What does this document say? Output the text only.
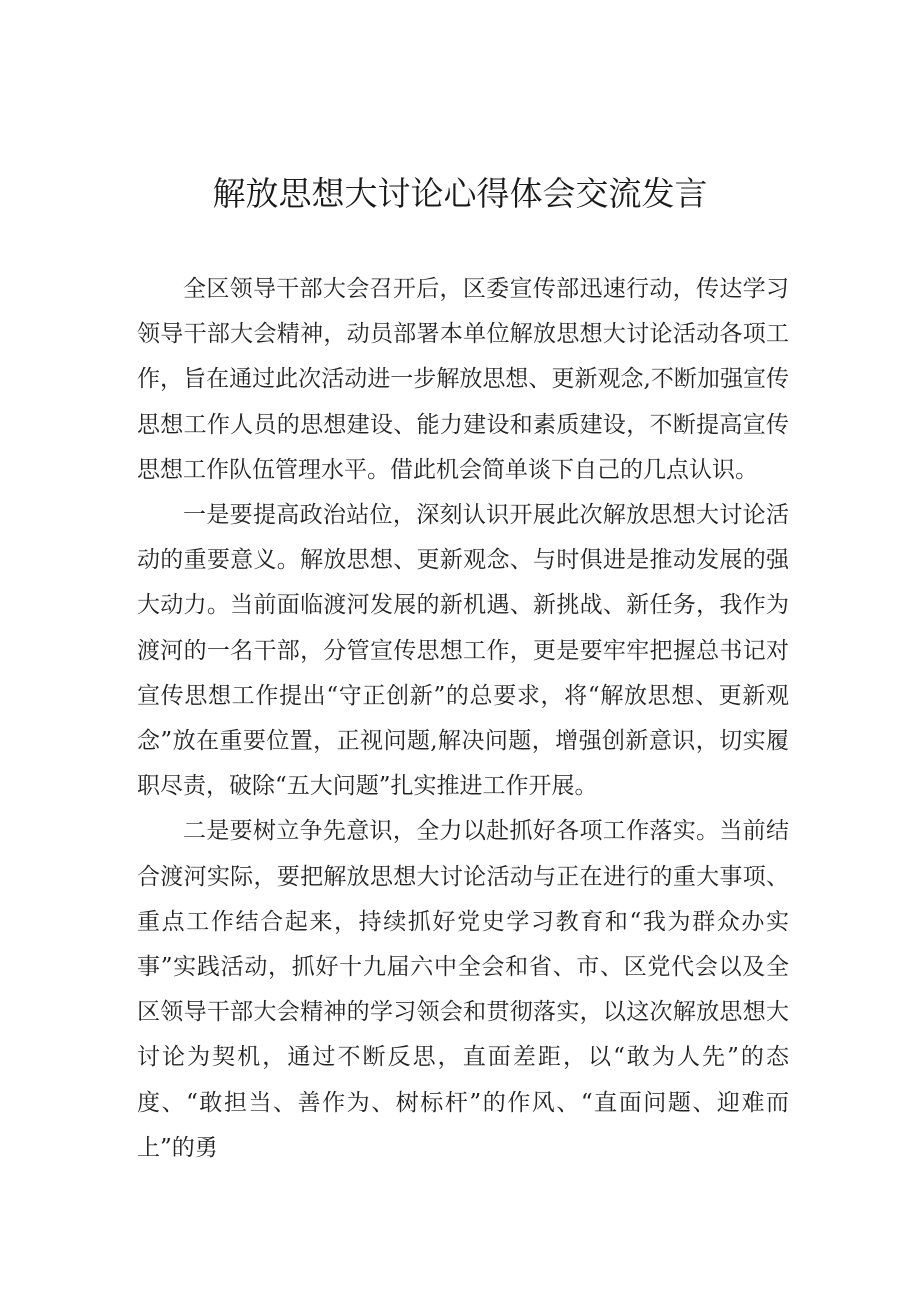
解放思想大讨论心得体会交流发言

全区领导干部大会召开后，区委宣传部迅速行动，传达学习领导干部大会精神，动员部署本单位解放思想大讨论活动各项工作，旨在通过此次活动进一步解放思想、更新观念,不断加强宣传思想工作人员的思想建设、能力建设和素质建设，不断提高宣传思想工作队伍管理水平。借此机会简单谈下自己的几点认识。

一是要提高政治站位，深刻认识开展此次解放思想大讨论活动的重要意义。解放思想、更新观念、与时俱进是推动发展的强大动力。当前面临渡河发展的新机遇、新挑战、新任务，我作为渡河的一名干部，分管宣传思想工作，更是要牢牢把握总书记对宣传思想工作提出“守正创新”的总要求，将“解放思想、更新观念”放在重要位置，正视问题,解决问题，增强创新意识，切实履职尽责，破除“五大问题”扎实推进工作开展。

二是要树立争先意识，全力以赴抓好各项工作落实。当前结合渡河实际，要把解放思想大讨论活动与正在进行的重大事项、重点工作结合起来，持续抓好党史学习教育和“我为群众办实事”实践活动，抓好十九届六中全会和省、市、区党代会以及全区领导干部大会精神的学习领会和贯彻落实，以这次解放思想大讨论为契机，通过不断反思，直面差距，以“敢为人先”的态度、“敢担当、善作为、树标杆”的作风、“直面问题、迎难而上”的勇
